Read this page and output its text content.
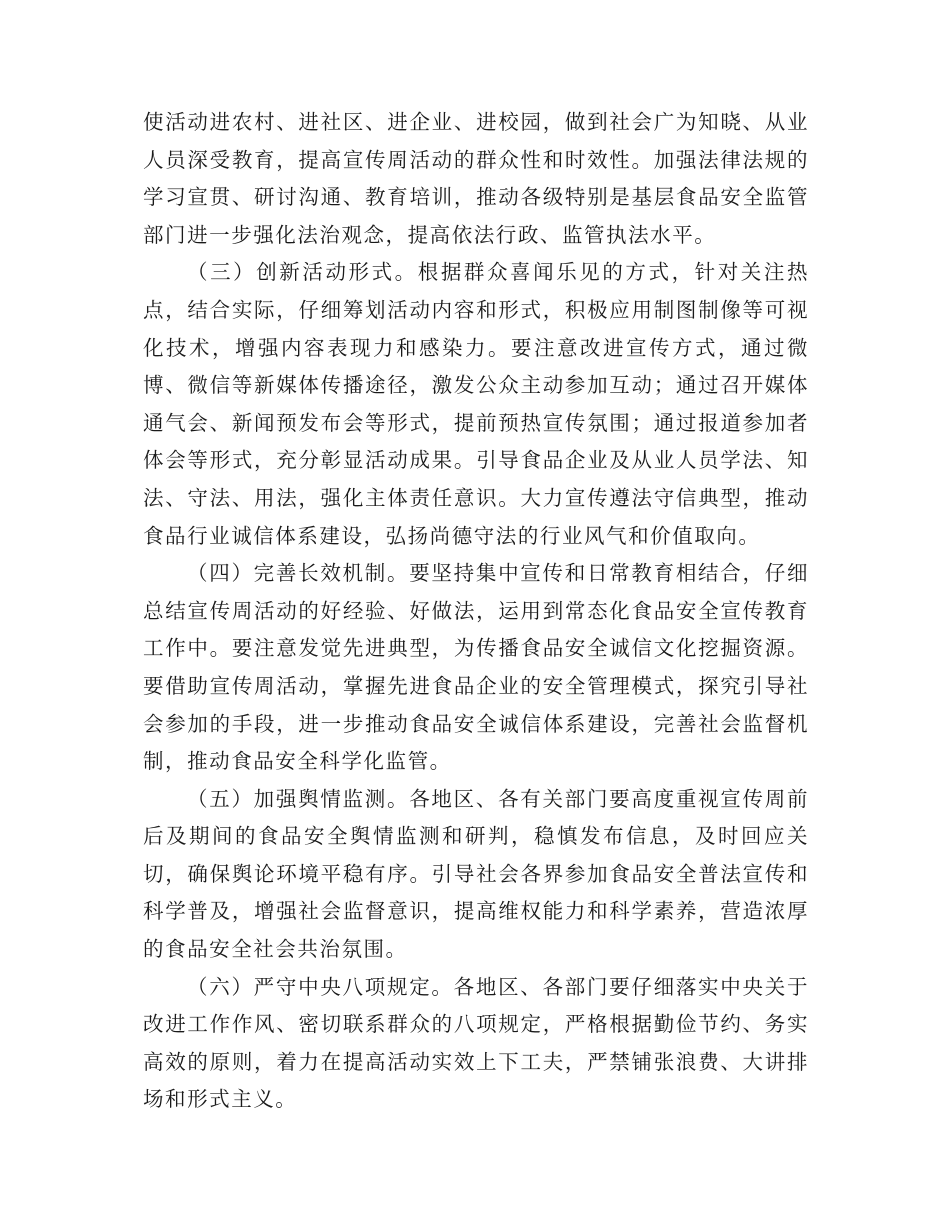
使活动进农村、进社区、进企业、进校园，做到社会广为知晓、从业人员深受教育，提高宣传周活动的群众性和时效性。加强法律法规的学习宣贯、研讨沟通、教育培训，推动各级特别是基层食品安全监管部门进一步强化法治观念，提高依法行政、监管执法水平。

（三）创新活动形式。根据群众喜闻乐见的方式，针对关注热点，结合实际，仔细筹划活动内容和形式，积极应用制图制像等可视化技术，增强内容表现力和感染力。要注意改进宣传方式，通过微博、微信等新媒体传播途径，激发公众主动参加互动；通过召开媒体通气会、新闻预发布会等形式，提前预热宣传氛围；通过报道参加者体会等形式，充分彰显活动成果。引导食品企业及从业人员学法、知法、守法、用法，强化主体责任意识。大力宣传遵法守信典型，推动食品行业诚信体系建设，弘扬尚德守法的行业风气和价值取向。

（四）完善长效机制。要坚持集中宣传和日常教育相结合，仔细总结宣传周活动的好经验、好做法，运用到常态化食品安全宣传教育工作中。要注意发觉先进典型，为传播食品安全诚信文化挖掘资源。要借助宣传周活动，掌握先进食品企业的安全管理模式，探究引导社会参加的手段，进一步推动食品安全诚信体系建设，完善社会监督机制，推动食品安全科学化监管。

（五）加强舆情监测。各地区、各有关部门要高度重视宣传周前后及期间的食品安全舆情监测和研判，稳慎发布信息，及时回应关切，确保舆论环境平稳有序。引导社会各界参加食品安全普法宣传和科学普及，增强社会监督意识，提高维权能力和科学素养，营造浓厚的食品安全社会共治氛围。

（六）严守中央八项规定。各地区、各部门要仔细落实中央关于改进工作作风、密切联系群众的八项规定，严格根据勤俭节约、务实高效的原则，着力在提高活动实效上下工夫，严禁铺张浪费、大讲排场和形式主义。
